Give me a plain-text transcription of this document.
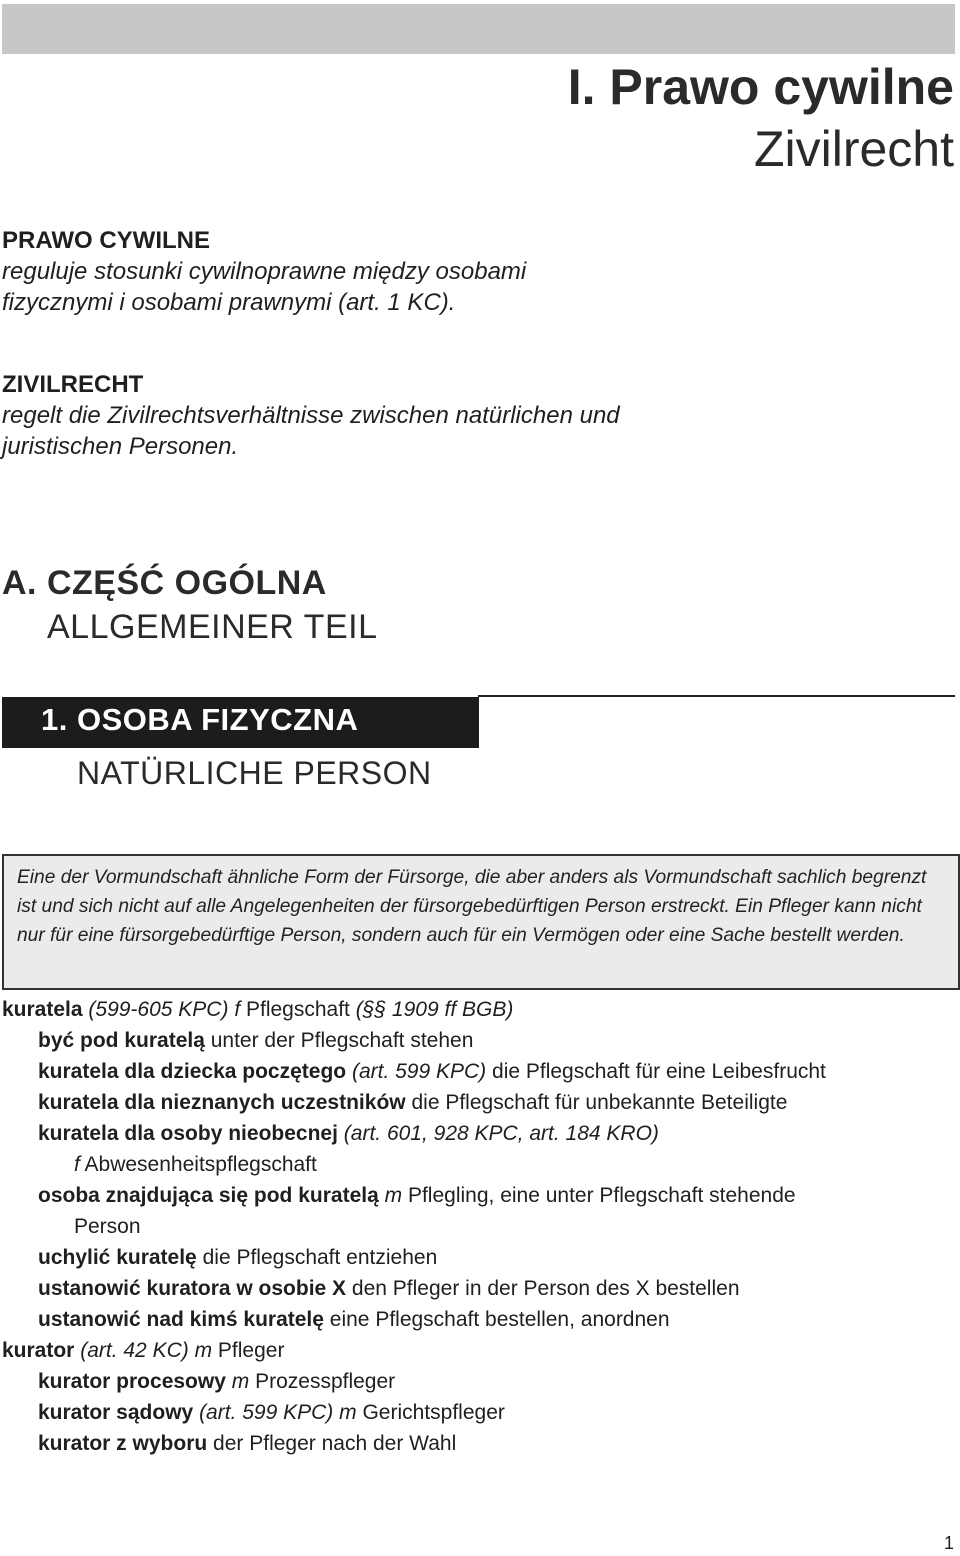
I. Prawo cywilne
Zivilrecht
PRAWO CYWILNE
reguluje stosunki cywilnoprawne między osobami fizycznymi i osobami prawnymi (art. 1 KC).
ZIVILRECHT
regelt die Zivilrechtsverhältnisse zwischen natürlichen und juristischen Personen.
A. CZĘŚĆ OGÓLNA
ALLGEMEINER TEIL
1. OSOBA FIZYCZNA
NATÜRLICHE PERSON

Eine der Vormundschaft ähnliche Form der Fürsorge, die aber anders als Vormundschaft sachlich begrenzt ist und sich nicht auf alle Angelegenheiten der fürsorgebedürftigen Person erstreckt. Ein Pfleger kann nicht nur für eine fürsorgebedürftige Person, sondern auch für ein Vermögen oder eine Sache bestellt werden.

kuratela (599-605 KPC) f Pflegschaft (§§ 1909 ff BGB)
być pod kuratelą unter der Pflegschaft stehen
kuratela dla dziecka poczętego (art. 599 KPC) die Pflegschaft für eine Leibesfrucht
kuratela dla nieznanych uczestników die Pflegschaft für unbekannte Beteiligte
kuratela dla osoby nieobecnej (art. 601, 928 KPC, art. 184 KRO)
f Abwesenheitspflegschaft
osoba znajdująca się pod kuratelą m Pflegling, eine unter Pflegschaft stehende
Person
uchylić kuratelę die Pflegschaft entziehen
ustanowić kuratora w osobie X den Pfleger in der Person des X bestellen
ustanowić nad kimś kuratelę eine Pflegschaft bestellen, anordnen
kurator (art. 42 KC) m Pfleger
kurator procesowy m Prozesspfleger
kurator sądowy (art. 599 KPC) m Gerichtspfleger
kurator z wyboru der Pfleger nach der Wahl
1
